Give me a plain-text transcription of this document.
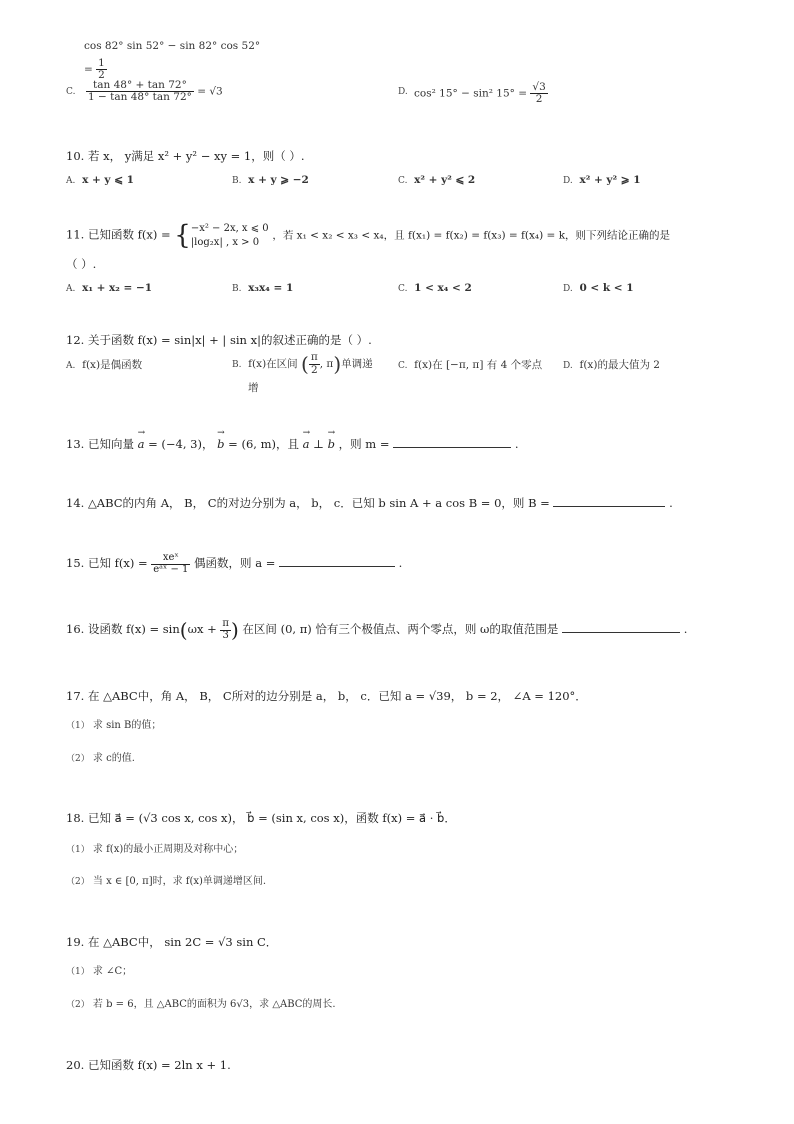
cos 82° sin 52° − sin 82° cos 52°
= $\frac{1}{2}$
C. $\frac{\tan 48^\circ + \tan 72^\circ}{1 - \tan 48^\circ \tan 72^\circ} = √3$	D. cos² 15° − sin² $15^\circ = \frac{√3}{2}$
10. 若 x， y满足 x² + y² − xy = 1，则（ ）.
A. x + y ⩽ 1	B. x + y ⩾ −2	C. x² + y² ⩽ 2	D. x² + y² ⩾ 1
11. 已知函数 f(x) = {−x² − 2x, x ⩽ 0
|log₂x| , x > 0 ，若 x₁ < x₂ < x₃ < x₄，且 f(x₁) = f(x₂) = f(x₃) = f(x₄) = k，则下列结论正确的是
（ ）.
A. x₁ + x₂ = −1	B. x₃x₄ = 1	C. 1 < x₄ < 2	D. 0 < k < 1
12. 关于函数 f(x) = sin|x| + | sin x|的叙述正确的是（ ）.
A. f(x)是偶函数	B. f(x)在区间 ( $\frac{\pi}{2}$ , π)单调递
增
C. f(x)在 [−π, π] 有 4 个零点 D. f(x)的最大值为 2
13. 已知向量 → a = (−4, 3)， → b = (6, m)，且 → a ⊥ → b ，则 m =	.
14. △ABC的内角 A， B， C的对边分别为 a， b， c．已知 b sin A + a cos B = 0，则 B =	.
15. 已知 $f(x) = \frac{\text{xeˣ}}{\text{eᵃˣ − 1}}$ 偶函数，则 a =	.
16. 设函数 $f(x) = \sin(\omega x + \frac{\pi}{3}$ ) 在区间 (0, π) 恰有三个极值点、两个零点，则 ω的取值范围是	.
17. 在 △ABC中，角 A， B， C所对的边分别是 a， b， c．已知 a = √39， b = 2， ∠A = 120°．
（1） 求 sin B的值；
（2） 求 c的值.
18. 已知 a⃗ = (√3 cos x, cos x)， b⃗ = (sin x, cos x)，函数 f(x) = a⃗ · b⃗．
（1） 求 f(x)的最小正周期及对称中心；
（2） 当 x ∈ [0, π]时，求 f(x)单调递增区间.
19. 在 △ABC中， sin 2C = √3 sin C．
（1） 求 ∠C；
（2） 若 b = 6，且 △ABC的面积为 6√3，求 △ABC的周长.
20. 已知函数 f(x) = 2ln x + 1.
